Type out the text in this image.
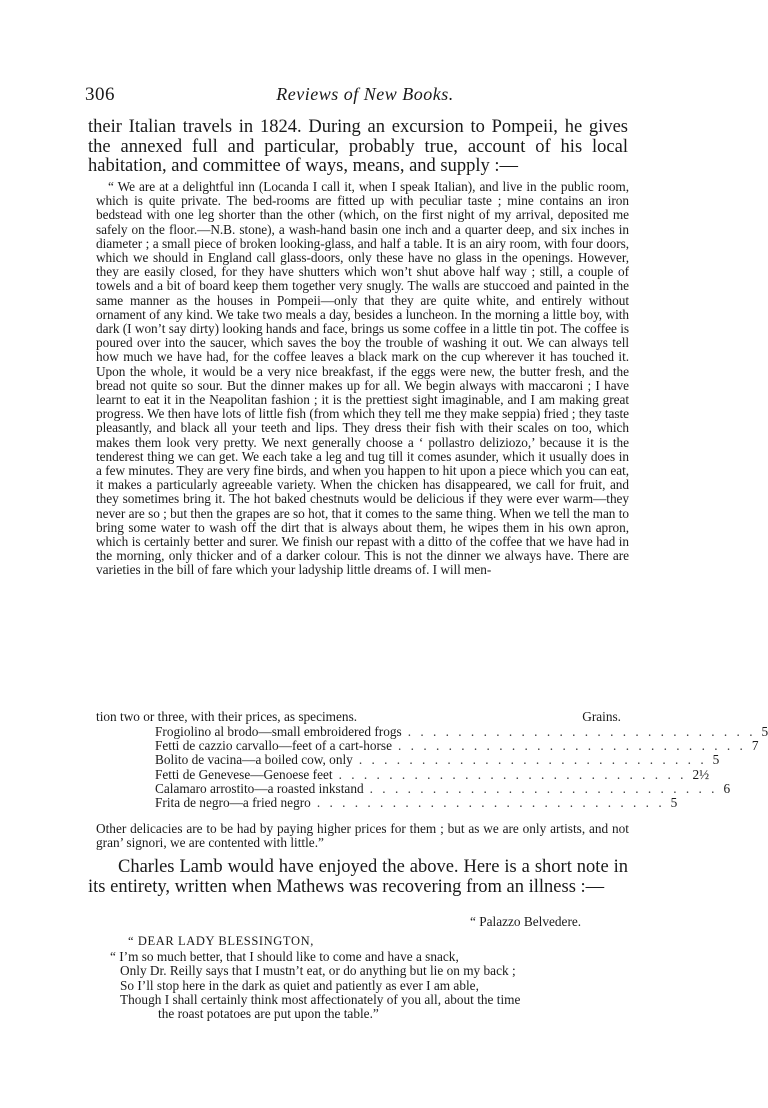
306	Reviews of New Books.
their Italian travels in 1824. During an excursion to Pompeii, he gives the annexed full and particular, probably true, account of his local habitation, and committee of ways, means, and supply :—
“ We are at a delightful inn (Locanda I call it, when I speak Italian), and live in the public room, which is quite private. The bed-rooms are fitted up with peculiar taste ; mine contains an iron bedstead with one leg shorter than the other (which, on the first night of my arrival, deposited me safely on the floor.—N.B. stone), a wash-hand basin one inch and a quarter deep, and six inches in diameter ; a small piece of broken looking-glass, and half a table. It is an airy room, with four doors, which we should in England call glass-doors, only these have no glass in the openings. However, they are easily closed, for they have shutters which won’t shut above half way ; still, a couple of towels and a bit of board keep them together very snugly. The walls are stuccoed and painted in the same manner as the houses in Pompeii—only that they are quite white, and entirely without ornament of any kind. We take two meals a day, besides a luncheon. In the morning a little boy, with dark (I won’t say dirty) looking hands and face, brings us some coffee in a little tin pot. The coffee is poured over into the saucer, which saves the boy the trouble of washing it out. We can always tell how much we have had, for the coffee leaves a black mark on the cup wherever it has touched it. Upon the whole, it would be a very nice breakfast, if the eggs were new, the butter fresh, and the bread not quite so sour. But the dinner makes up for all. We begin always with maccaroni ; I have learnt to eat it in the Neapolitan fashion ; it is the prettiest sight imaginable, and I am making great progress. We then have lots of little fish (from which they tell me they make seppia) fried ; they taste pleasantly, and black all your teeth and lips. They dress their fish with their scales on too, which makes them look very pretty. We next generally choose a ‘ pollastro deliziozo,’ because it is the tenderest thing we can get. We each take a leg and tug till it comes asunder, which it usually does in a few minutes. They are very fine birds, and when you happen to hit upon a piece which you can eat, it makes a particularly agreeable variety. When the chicken has disappeared, we call for fruit, and they sometimes bring it. The hot baked chestnuts would be delicious if they were ever warm—they never are so ; but then the grapes are so hot, that it comes to the same thing. When we tell the man to bring some water to wash off the dirt that is always about them, he wipes them in his own apron, which is certainly better and surer. We finish our repast with a ditto of the coffee that we have had in the morning, only thicker and of a darker colour. This is not the dinner we always have. There are varieties in the bill of fare which your ladyship little dreams of. I will men-
tion two or three, with their prices, as specimens.	Grains.
Frogiolino al brodo—small embroidered frogs . . . . . . . . . . . . . . . . . . . . . . . . . . . . 5
Fetti de cazzio carvallo—feet of a cart-horse . . . . . . . . . . . . . . . . . . . . . . . . . . . . 7
Bolito de vacina—a boiled cow, only . . . . . . . . . . . . . . . . . . . . . . . . . . . . 5
Fetti de Genevese—Genoese feet . . . . . . . . . . . . . . . . . . . . . . . . . . . . 2½
Calamaro arrostito—a roasted inkstand . . . . . . . . . . . . . . . . . . . . . . . . . . . . 6
Frita de negro—a fried negro . . . . . . . . . . . . . . . . . . . . . . . . . . . . 5
Other delicacies are to be had by paying higher prices for them ; but as we are only artists, and not gran’ signori, we are contented with little.”
Charles Lamb would have enjoyed the above. Here is a short note in its entirety, written when Mathews was recovering from an illness :—
“ Palazzo Belvedere.
“ DEAR LADY BLESSINGTON,
“ I’m so much better, that I should like to come and have a snack,
Only Dr. Reilly says that I mustn’t eat, or do anything but lie on my back ;
So I’ll stop here in the dark as quiet and patiently as ever I am able,
Though I shall certainly think most affectionately of you all, about the time
the roast potatoes are put upon the table.”
